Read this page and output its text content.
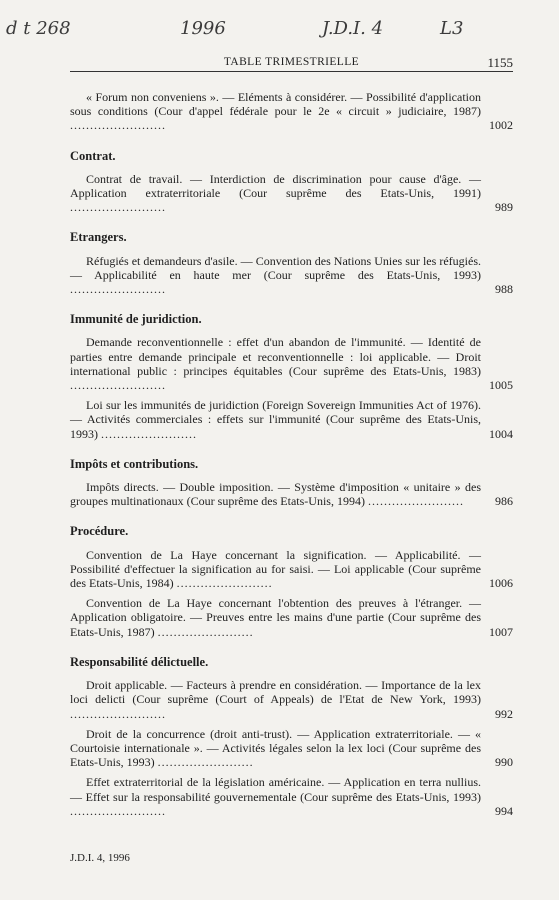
d t 268	1996	J.D.I. 4	L3
TABLE TRIMESTRIELLE	1155
« Forum non conveniens ». — Eléments à considérer. — Possibilité d'application sous conditions (Cour d'appel fédérale pour le 2e « circuit » judiciaire, 1987) ........................	1002
Contrat.
Contrat de travail. — Interdiction de discrimination pour cause d'âge. — Application extraterritoriale (Cour suprême des Etats-Unis, 1991) ........................	989
Etrangers.
Réfugiés et demandeurs d'asile. — Convention des Nations Unies sur les réfugiés. — Applicabilité en haute mer (Cour suprême des Etats-Unis, 1993) ........................	988
Immunité de juridiction.
Demande reconventionnelle : effet d'un abandon de l'immunité. — Identité de parties entre demande principale et reconventionnelle : loi applicable. — Droit international public : principes équitables (Cour suprême des Etats-Unis, 1983) ........................	1005
Loi sur les immunités de juridiction (Foreign Sovereign Immunities Act of 1976). — Activités commerciales : effets sur l'immunité (Cour suprême des Etats-Unis, 1993) ........................	1004
Impôts et contributions.
Impôts directs. — Double imposition. — Système d'imposition « unitaire » des groupes multinationaux (Cour suprême des Etats-Unis, 1994) ........................	986
Procédure.
Convention de La Haye concernant la signification. — Applicabilité. — Possibilité d'effectuer la signification au for saisi. — Loi applicable (Cour suprême des Etats-Unis, 1984) ........................	1006
Convention de La Haye concernant l'obtention des preuves à l'étranger. — Application obligatoire. — Preuves entre les mains d'une partie (Cour suprême des Etats-Unis, 1987) ........................	1007
Responsabilité délictuelle.
Droit applicable. — Facteurs à prendre en considération. — Importance de la lex loci delicti (Cour suprême (Court of Appeals) de l'Etat de New York, 1993) ........................	992
Droit de la concurrence (droit anti-trust). — Application extraterritoriale. — « Courtoisie internationale ». — Activités légales selon la lex loci (Cour suprême des Etats-Unis, 1993) ........................	990
Effet extraterritorial de la législation américaine. — Application en terra nullius. — Effet sur la responsabilité gouvernementale (Cour suprême des Etats-Unis, 1993) ........................	994
J.D.I. 4, 1996
